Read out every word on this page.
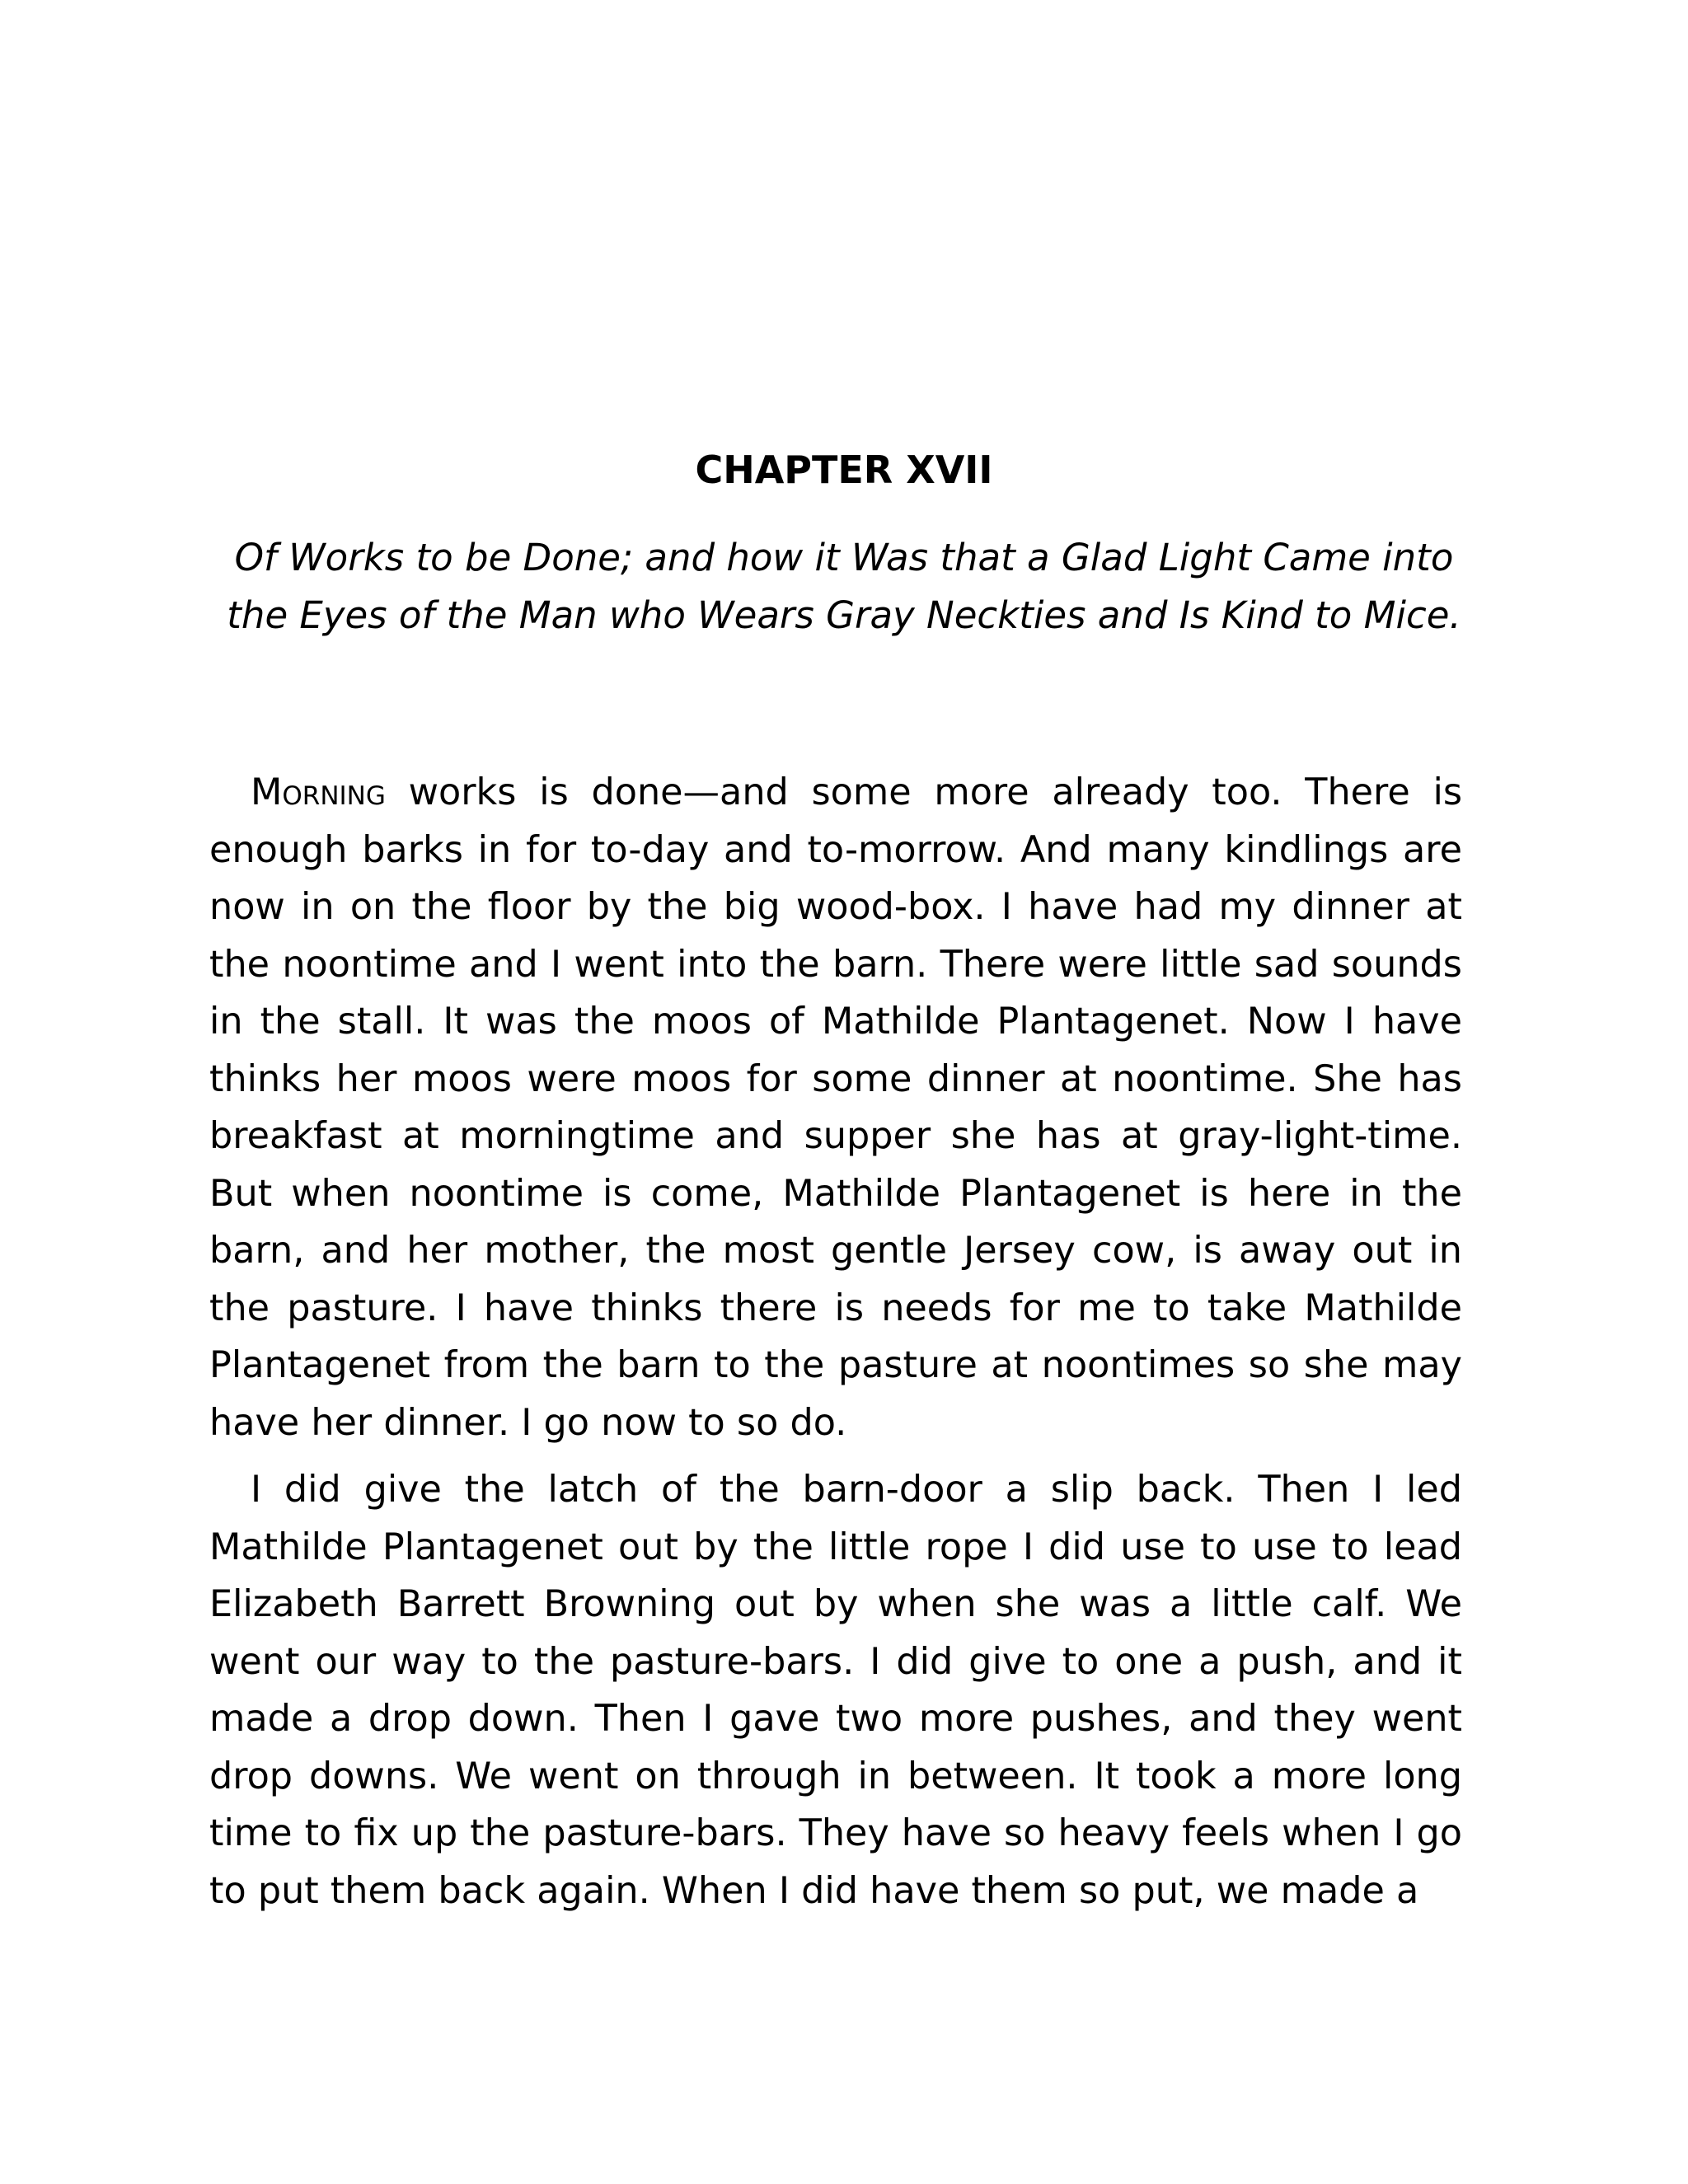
CHAPTER XVII

Of Works to be Done; and how it Was that a Glad Light Came into the Eyes of the Man who Wears Gray Neckties and Is Kind to Mice.

Morning works is done—and some more already too. There is enough barks in for to-day and to-morrow. And many kindlings are now in on the floor by the big wood-box. I have had my dinner at the noontime and I went into the barn. There were little sad sounds in the stall. It was the moos of Mathilde Plantagenet. Now I have thinks her moos were moos for some dinner at noontime. She has breakfast at morningtime and supper she has at gray-light-time. But when noontime is come, Mathilde Plantagenet is here in the barn, and her mother, the most gentle Jersey cow, is away out in the pasture. I have thinks there is needs for me to take Mathilde Plantagenet from the barn to the pasture at noontimes so she may have her dinner. I go now to so do.

I did give the latch of the barn-door a slip back. Then I led Mathilde Plantagenet out by the little rope I did use to use to lead Elizabeth Barrett Browning out by when she was a little calf. We went our way to the pasture-bars. I did give to one a push, and it made a drop down. Then I gave two more pushes, and they went drop downs. We went on through in between. It took a more long time to fix up the pasture-bars. They have so heavy feels when I go to put them back again. When I did have them so put, we made a
